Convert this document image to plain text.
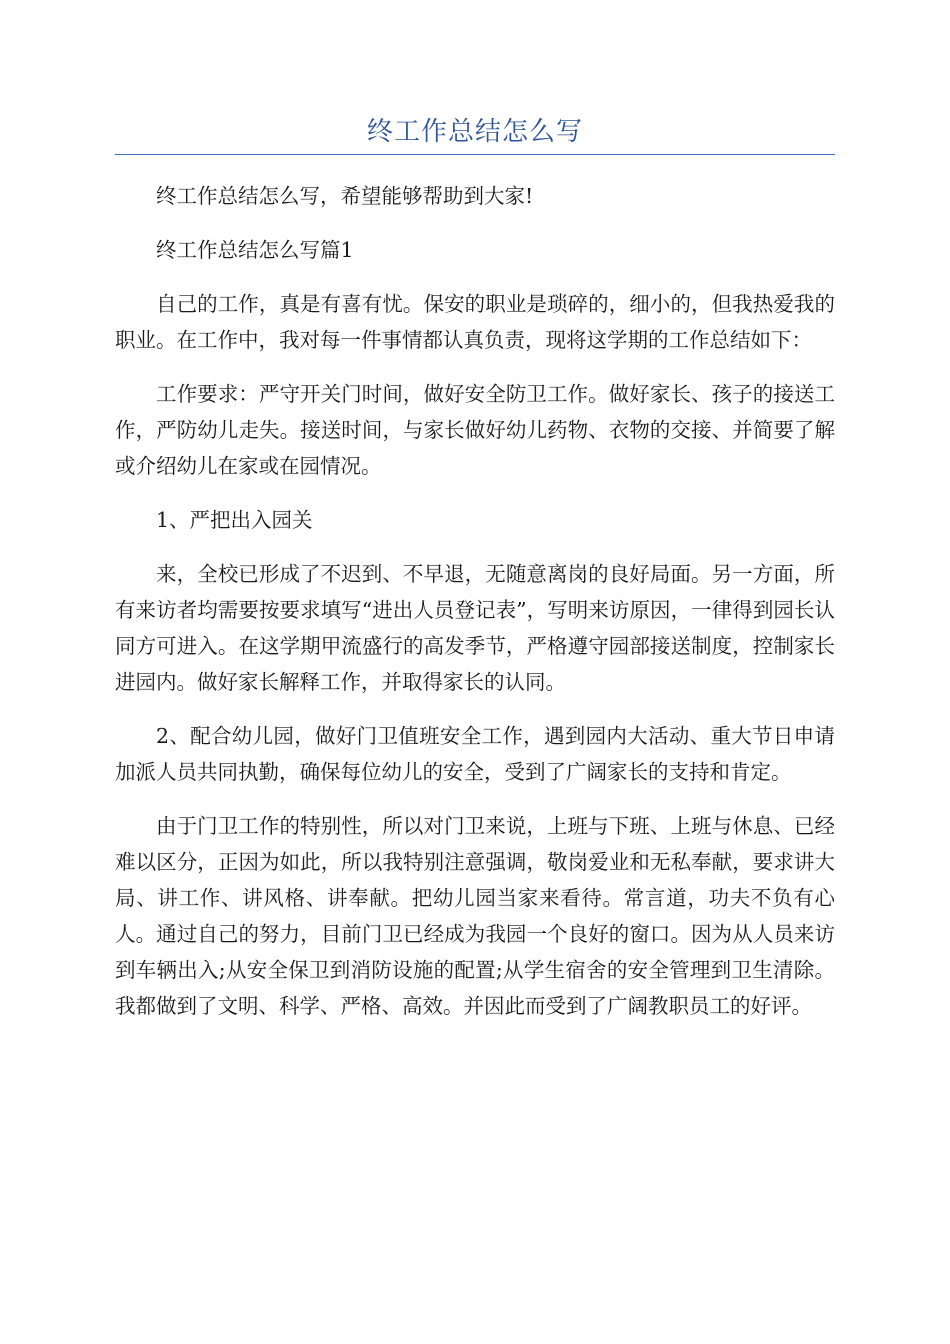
终工作总结怎么写

终工作总结怎么写，希望能够帮助到大家!

终工作总结怎么写篇1

自己的工作，真是有喜有忧。保安的职业是琐碎的，细小的，但我热爱我的职业。在工作中，我对每一件事情都认真负责，现将这学期的工作总结如下：

工作要求：严守开关门时间，做好安全防卫工作。做好家长、孩子的接送工作，严防幼儿走失。接送时间，与家长做好幼儿药物、衣物的交接、并简要了解或介绍幼儿在家或在园情况。

1、严把出入园关

来，全校已形成了不迟到、不早退，无随意离岗的良好局面。另一方面，所有来访者均需要按要求填写“进出人员登记表”，写明来访原因，一律得到园长认同方可进入。在这学期甲流盛行的高发季节，严格遵守园部接送制度，控制家长进园内。做好家长解释工作，并取得家长的认同。

2、配合幼儿园，做好门卫值班安全工作，遇到园内大活动、重大节日申请加派人员共同执勤，确保每位幼儿的安全，受到了广阔家长的支持和肯定。

由于门卫工作的特别性，所以对门卫来说，上班与下班、上班与休息、已经难以区分，正因为如此，所以我特别注意强调，敬岗爱业和无私奉献，要求讲大局、讲工作、讲风格、讲奉献。把幼儿园当家来看待。常言道，功夫不负有心人。通过自己的努力，目前门卫已经成为我园一个良好的窗口。因为从人员来访到车辆出入;从安全保卫到消防设施的配置;从学生宿舍的安全管理到卫生清除。我都做到了文明、科学、严格、高效。并因此而受到了广阔教职员工的好评。
